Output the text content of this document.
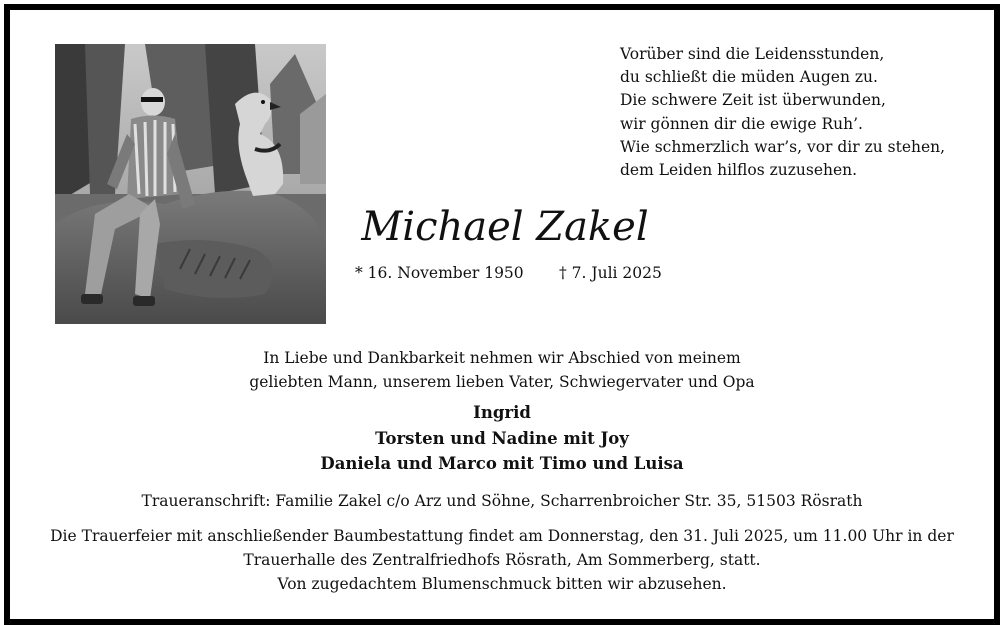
Vorüber sind die Leidensstunden,
du schließt die müden Augen zu.
Die schwere Zeit ist überwunden,
wir gönnen dir die ewige Ruh’.
Wie schmerzlich war’s, vor dir zu stehen,
dem Leiden hilflos zuzusehen.
Michael Zakel
* 16. November 1950 † 7. Juli 2025
In Liebe und Dankbarkeit nehmen wir Abschied von meinem
geliebten Mann, unserem lieben Vater, Schwiegervater und Opa
Ingrid
Torsten und Nadine mit Joy
Daniela und Marco mit Timo und Luisa
Traueranschrift: Familie Zakel c/o Arz und Söhne, Scharrenbroicher Str. 35, 51503 Rösrath
Die Trauerfeier mit anschließender Baumbestattung findet am Donnerstag, den 31. Juli 2025, um 11.00 Uhr in der
Trauerhalle des Zentralfriedhofs Rösrath, Am Sommerberg, statt.
Von zugedachtem Blumenschmuck bitten wir abzusehen.
